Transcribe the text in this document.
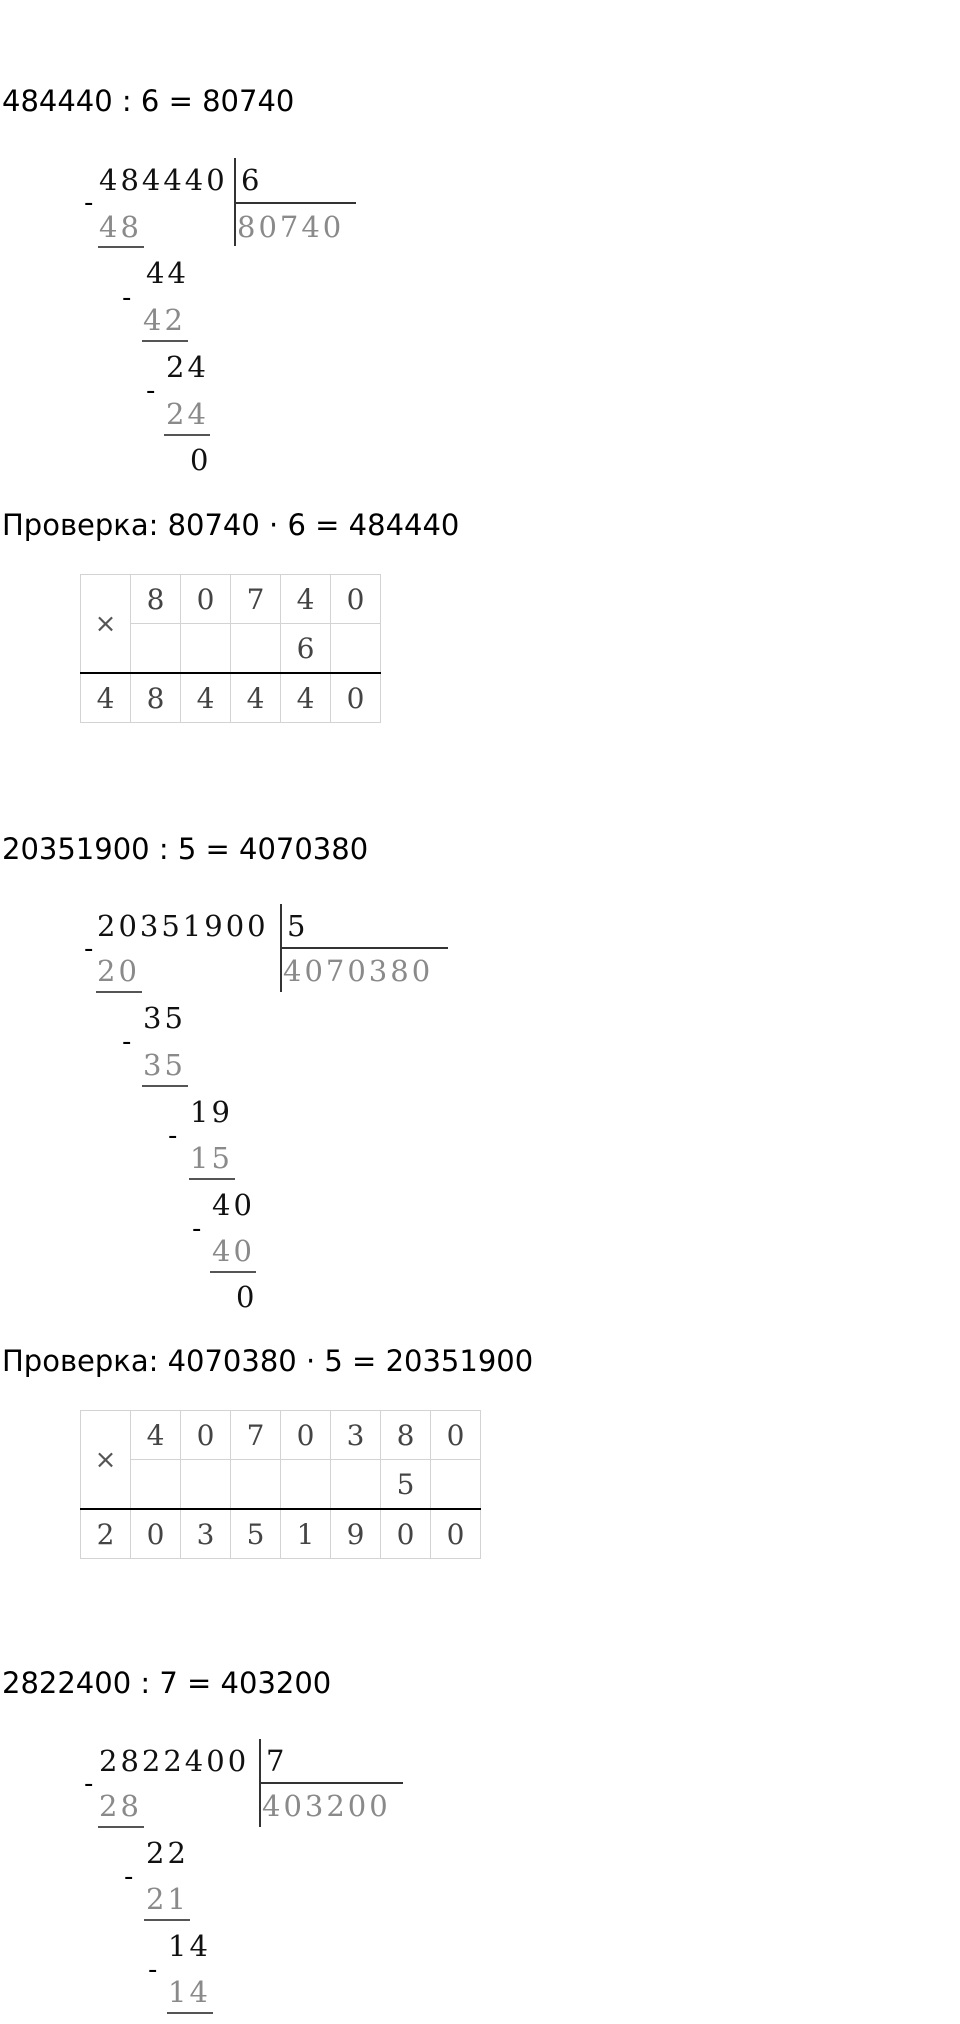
484440 : 6 = 80740
-
484440 6
80740
48
-
44
42
-
24
24
0
Проверка: 80740 · 6 = 484440
×	8	0	7	4	0
				6	
4	8	4	4	4	0
20351900 : 5 = 4070380
-
20351900 5
4070380
20
-
35
35
-
19
15
-
40
40
0
Проверка: 4070380 · 5 = 20351900
×	4	0	7	0	3	8	0
						5	
2	0	3	5	1	9	0	0
2822400 : 7 = 403200
-
2822400 7
403200
28
-
22
21
-
14
14
